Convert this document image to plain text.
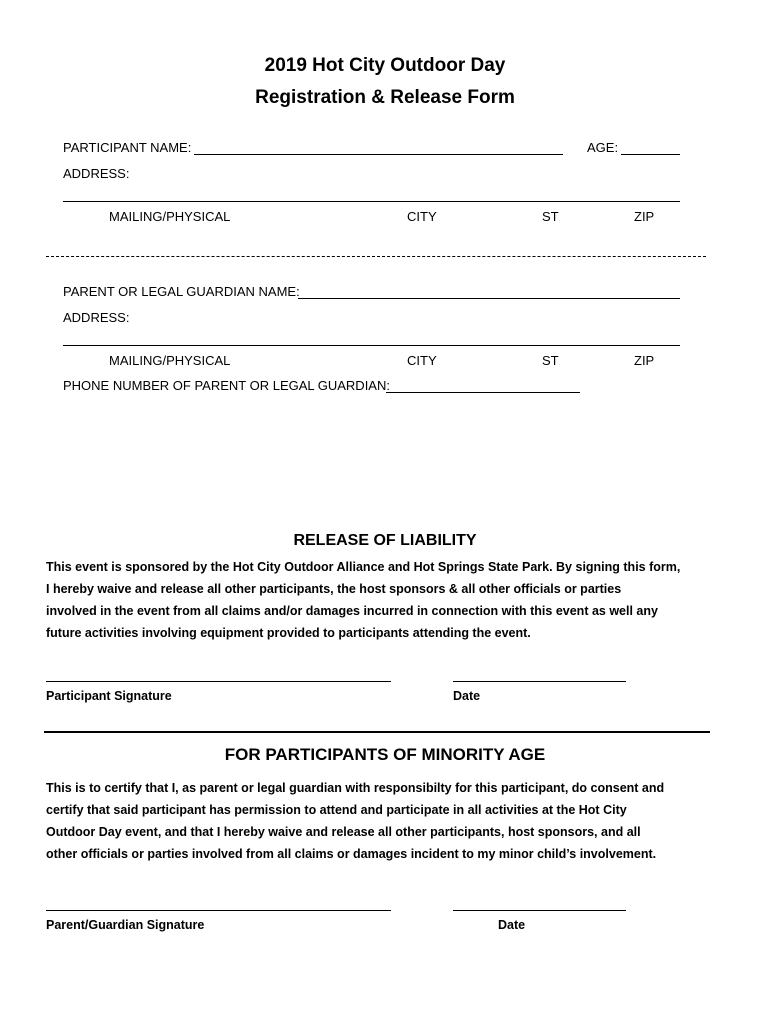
2019 Hot City Outdoor Day
Registration & Release Form
PARTICIPANT NAME:	AGE:
ADDRESS:
MAILING/PHYSICAL	CITY	ST	ZIP
PARENT OR LEGAL GUARDIAN NAME:
ADDRESS:
MAILING/PHYSICAL	CITY	ST	ZIP
PHONE NUMBER OF PARENT OR LEGAL GUARDIAN:
RELEASE OF LIABILITY
This event is sponsored by the Hot City Outdoor Alliance and Hot Springs State Park. By signing this form,
I hereby waive and release all other participants, the host sponsors & all other officials or parties
involved in the event from all claims and/or damages incurred in connection with this event as well any
future activities involving equipment provided to participants attending the event.
Participant Signature	Date
FOR PARTICIPANTS OF MINORITY AGE
This is to certify that I, as parent or legal guardian with responsibilty for this participant, do consent and
certify that said participant has permission to attend and participate in all activities at the Hot City
Outdoor Day event, and that I hereby waive and release all other participants, host sponsors, and all
other officials or parties involved from all claims or damages incident to my minor child’s involvement.
Parent/Guardian Signature	Date
